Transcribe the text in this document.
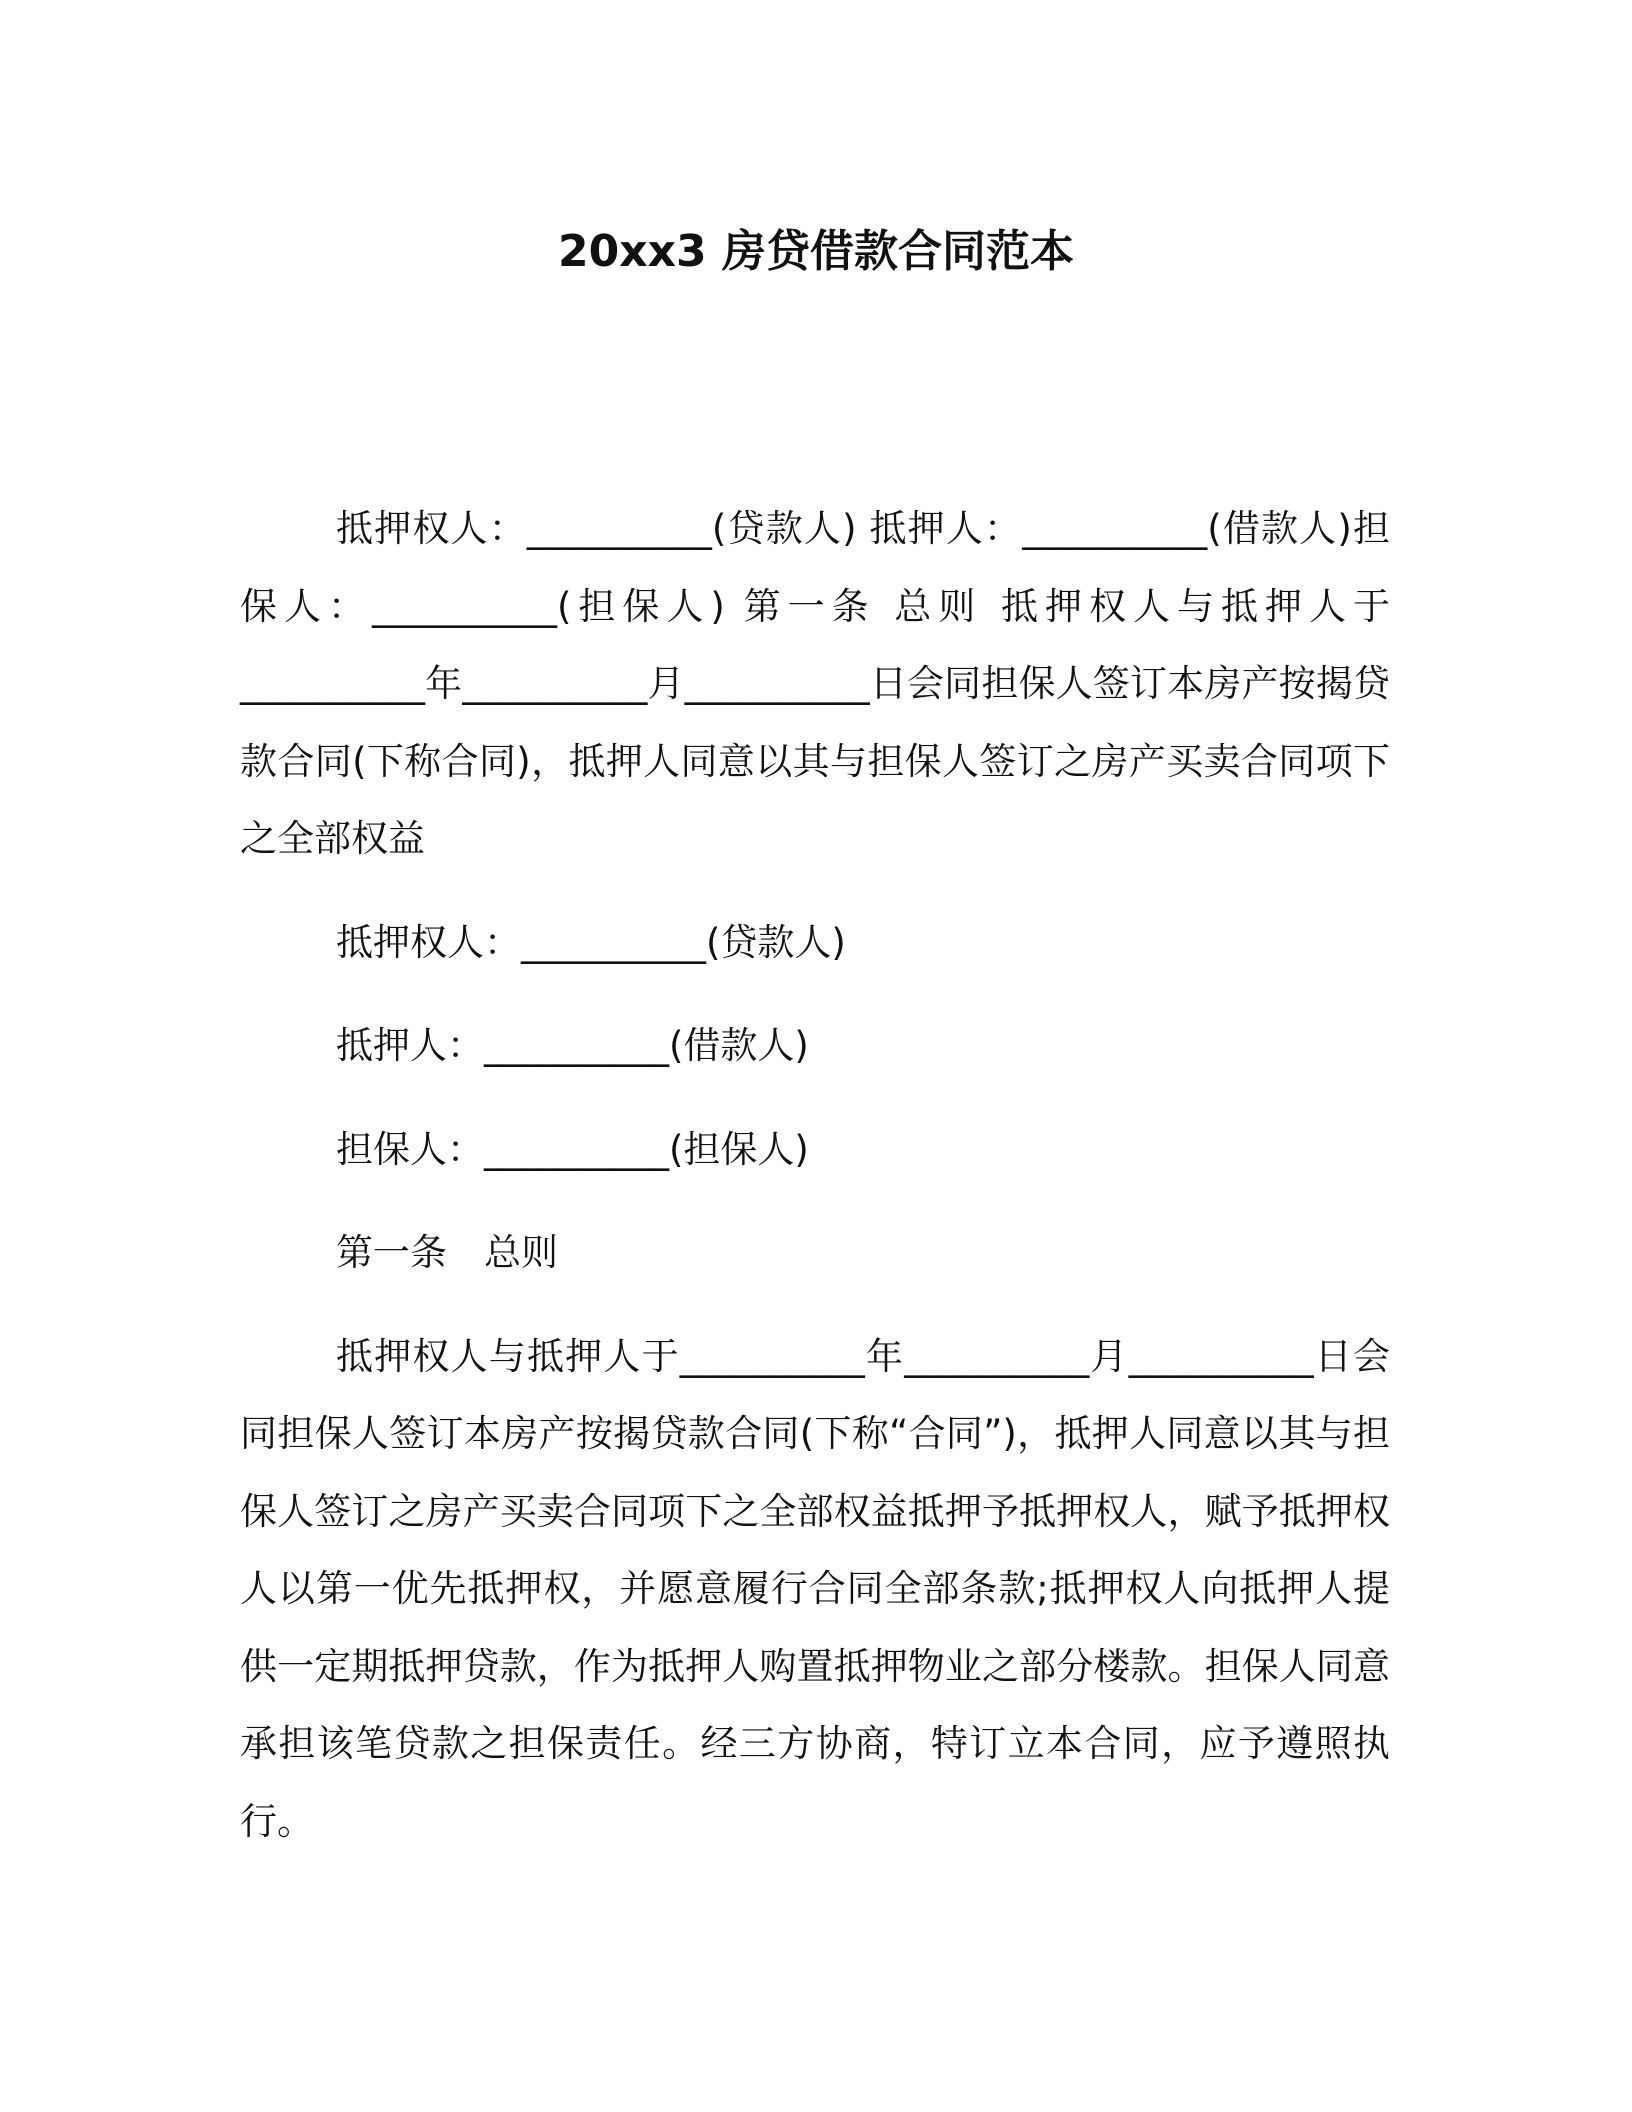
20xx3 房贷借款合同范本

抵押权人：__________(贷款人) 抵押人：__________(借款人)担保人：__________(担保人) 第一条 总则 抵押权人与抵押人于__________年__________月__________日会同担保人签订本房产按揭贷款合同(下称合同)，抵押人同意以其与担保人签订之房产买卖合同项下之全部权益

抵押权人：__________(贷款人)

抵押人：__________(借款人)

担保人：__________(担保人)

第一条　总则

抵押权人与抵押人于__________年__________月__________日会同担保人签订本房产按揭贷款合同(下称“合同”)，抵押人同意以其与担保人签订之房产买卖合同项下之全部权益抵押予抵押权人，赋予抵押权人以第一优先抵押权，并愿意履行合同全部条款;抵押权人向抵押人提供一定期抵押贷款，作为抵押人购置抵押物业之部分楼款。担保人同意承担该笔贷款之担保责任。经三方协商，特订立本合同，应予遵照执行。
